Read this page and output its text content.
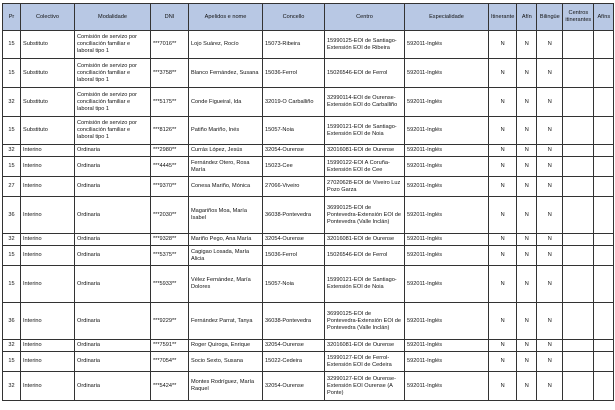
Pr	Colectivo	Modalidade	DNI	Apelidos e nome	Concello	Centro	Especialidade	Itinerante	Afín	Bilingüe	Centros itinerantes	Afíns
15	Substituto	Comisión de servizo por conciliación familiar e laboral tipo 1	***7016**	Lojo Suárez, Rocío	15073-Ribeira	15990125-EOI de Santiago-Extensión EOI de Ribeira	592011-Inglés	N	N	N		
15	Substituto	Comisión de servizo por conciliación familiar e laboral tipo 1	***3758**	Blanco Fernández, Susana	15036-Ferrol	15026546-EOI de Ferrol	592011-Inglés	N	N	N		
32	Substituto	Comisión de servizo por conciliación familiar e laboral tipo 1	***5175**	Conde Figueiral, Ida	32019-O Carballiño	32990114-EOI de Ourense-Extensión EOI do Carballiño	592011-Inglés	N	N	N		
15	Substituto	Comisión de servizo por conciliación familiar e laboral tipo 1	***8126**	Patiño Mariño, Inés	15057-Noia	15990121-EOI de Santiago-Extensión EOI de Noia	592011-Inglés	N	N	N		
32	Interino	Ordinaria	***2980**	Currás López, Jesús	32054-Ourense	32016081-EOI de Ourense	592011-Inglés	N	N	N		
15	Interino	Ordinaria	***4445**	Fernández Otero, Rosa María	15023-Cee	15990122-EOI A Coruña-Extensión EOI de Cee	592011-Inglés	N	N	N		
27	Interino	Ordinaria	***9370**	Conesa Mariño, Mónica	27066-Viveiro	27020628-EOI de Viveiro Luz Pozo Garza	592011-Inglés	N	N	N		
36	Interino	Ordinaria	***2030**	Magariños Moa, María Isabel	36038-Pontevedra	36990125-EOI de Pontevedra-Extensión EOI de Pontevedra (Valle Inclán)	592011-Inglés	N	N	N		
32	Interino	Ordinaria	***9328**	Mariño Pego, Ana María	32054-Ourense	32016081-EOI de Ourense	592011-Inglés	N	N	N		
15	Interino	Ordinaria	***5375**	Cagigao Losada, María Alicia	15036-Ferrol	15026546-EOI de Ferrol	592011-Inglés	N	N	N		
15	Interino	Ordinaria	***5933**	Vélez Fernández, María Dolores	15057-Noia	15990121-EOI de Santiago-Extensión EOI de Noia	592011-Inglés	N	N	N		
36	Interino	Ordinaria	***9229**	Fernández Parrat, Tanya	36038-Pontevedra	36990125-EOI de Pontevedra-Extensión EOI de Pontevedra (Valle Inclán)	592011-Inglés	N	N	N		
32	Interino	Ordinaria	***7591**	Roger Quiroga, Enrique	32054-Ourense	32016081-EOI de Ourense	592011-Inglés	N	N	N		
15	Interino	Ordinaria	***7054**	Socio Sexto, Susana	15022-Cedeira	15990127-EOI de Ferrol-Extensión EOI de Cedeira	592011-Inglés	N	N	N		
32	Interino	Ordinaria	***5424**	Montes Rodríguez, María Raquel	32054-Ourense	32990127-EOI de Ourense-Extensión EOI Ourense (A Ponte)	592011-Inglés	N	N	N		
